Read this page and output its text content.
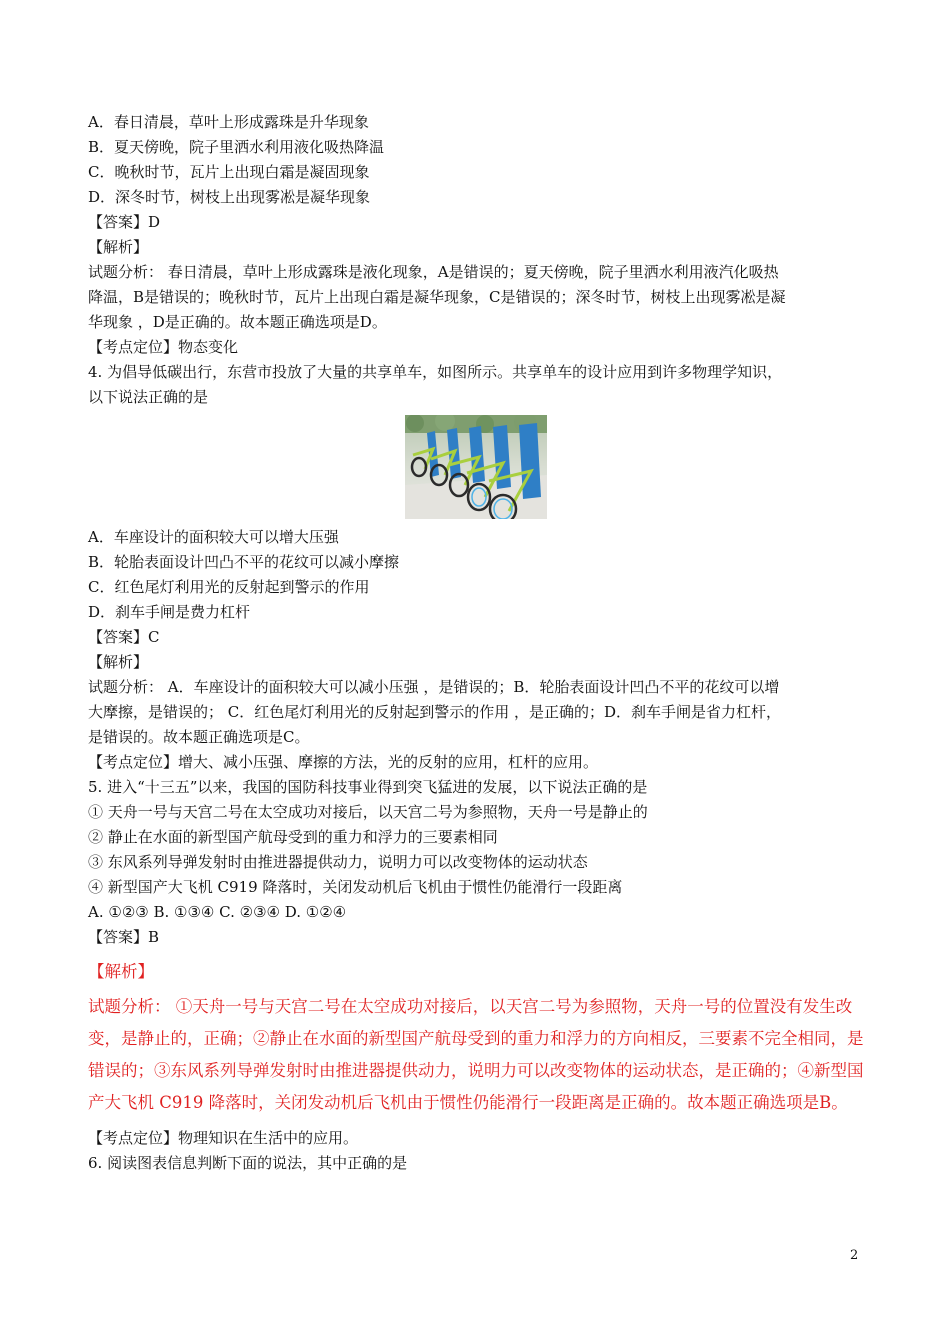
A．春日清晨，草叶上形成露珠是升华现象
B．夏天傍晚，院子里洒水利用液化吸热降温
C．晚秋时节，瓦片上出现白霜是凝固现象
D．深冬时节，树枝上出现雾凇是凝华现象
【答案】D
【解析】
试题分析： 春日清晨，草叶上形成露珠是液化现象，A是错误的；夏天傍晚，院子里洒水利用液汽化吸热
降温，B是错误的；晚秋时节，瓦片上出现白霜是凝华现象，C是错误的；深冬时节，树枝上出现雾凇是凝
华现象 ，D是正确的。故本题正确选项是D。
【考点定位】物态变化
4. 为倡导低碳出行，东营市投放了大量的共享单车，如图所示。共享单车的设计应用到许多物理学知识，
以下说法正确的是
A．车座设计的面积较大可以增大压强
B．轮胎表面设计凹凸不平的花纹可以减小摩擦
C．红色尾灯利用光的反射起到警示的作用
D．刹车手闸是费力杠杆
【答案】C
【解析】
试题分析： A．车座设计的面积较大可以减小压强 ，是错误的；B．轮胎表面设计凹凸不平的花纹可以增
大摩擦，是错误的； C．红色尾灯利用光的反射起到警示的作用 ，是正确的；D．刹车手闸是省力杠杆，
是错误的。故本题正确选项是C。
【考点定位】增大、减小压强、摩擦的方法，光的反射的应用，杠杆的应用。
5. 进入“十三五”以来，我国的国防科技事业得到突飞猛进的发展，以下说法正确的是
① 天舟一号与天宫二号在太空成功对接后，以天宫二号为参照物，天舟一号是静止的
② 静止在水面的新型国产航母受到的重力和浮力的三要素相同
③ 东风系列导弹发射时由推进器提供动力，说明力可以改变物体的运动状态
④ 新型国产大飞机 C919 降落时，关闭发动机后飞机由于惯性仍能滑行一段距离
A. ①②③ B. ①③④ C. ②③④ D. ①②④
【答案】B
【解析】
试题分析： ①天舟一号与天宫二号在太空成功对接后，以天宫二号为参照物，天舟一号的位置没有发生改
变，是静止的，正确；②静止在水面的新型国产航母受到的重力和浮力的方向相反，三要素不完全相同，是
错误的；③东风系列导弹发射时由推进器提供动力，说明力可以改变物体的运动状态，是正确的；④新型国
产大飞机 C919 降落时，关闭发动机后飞机由于惯性仍能滑行一段距离是正确的。故本题正确选项是B。
【考点定位】物理知识在生活中的应用。
6. 阅读图表信息判断下面的说法，其中正确的是
2
